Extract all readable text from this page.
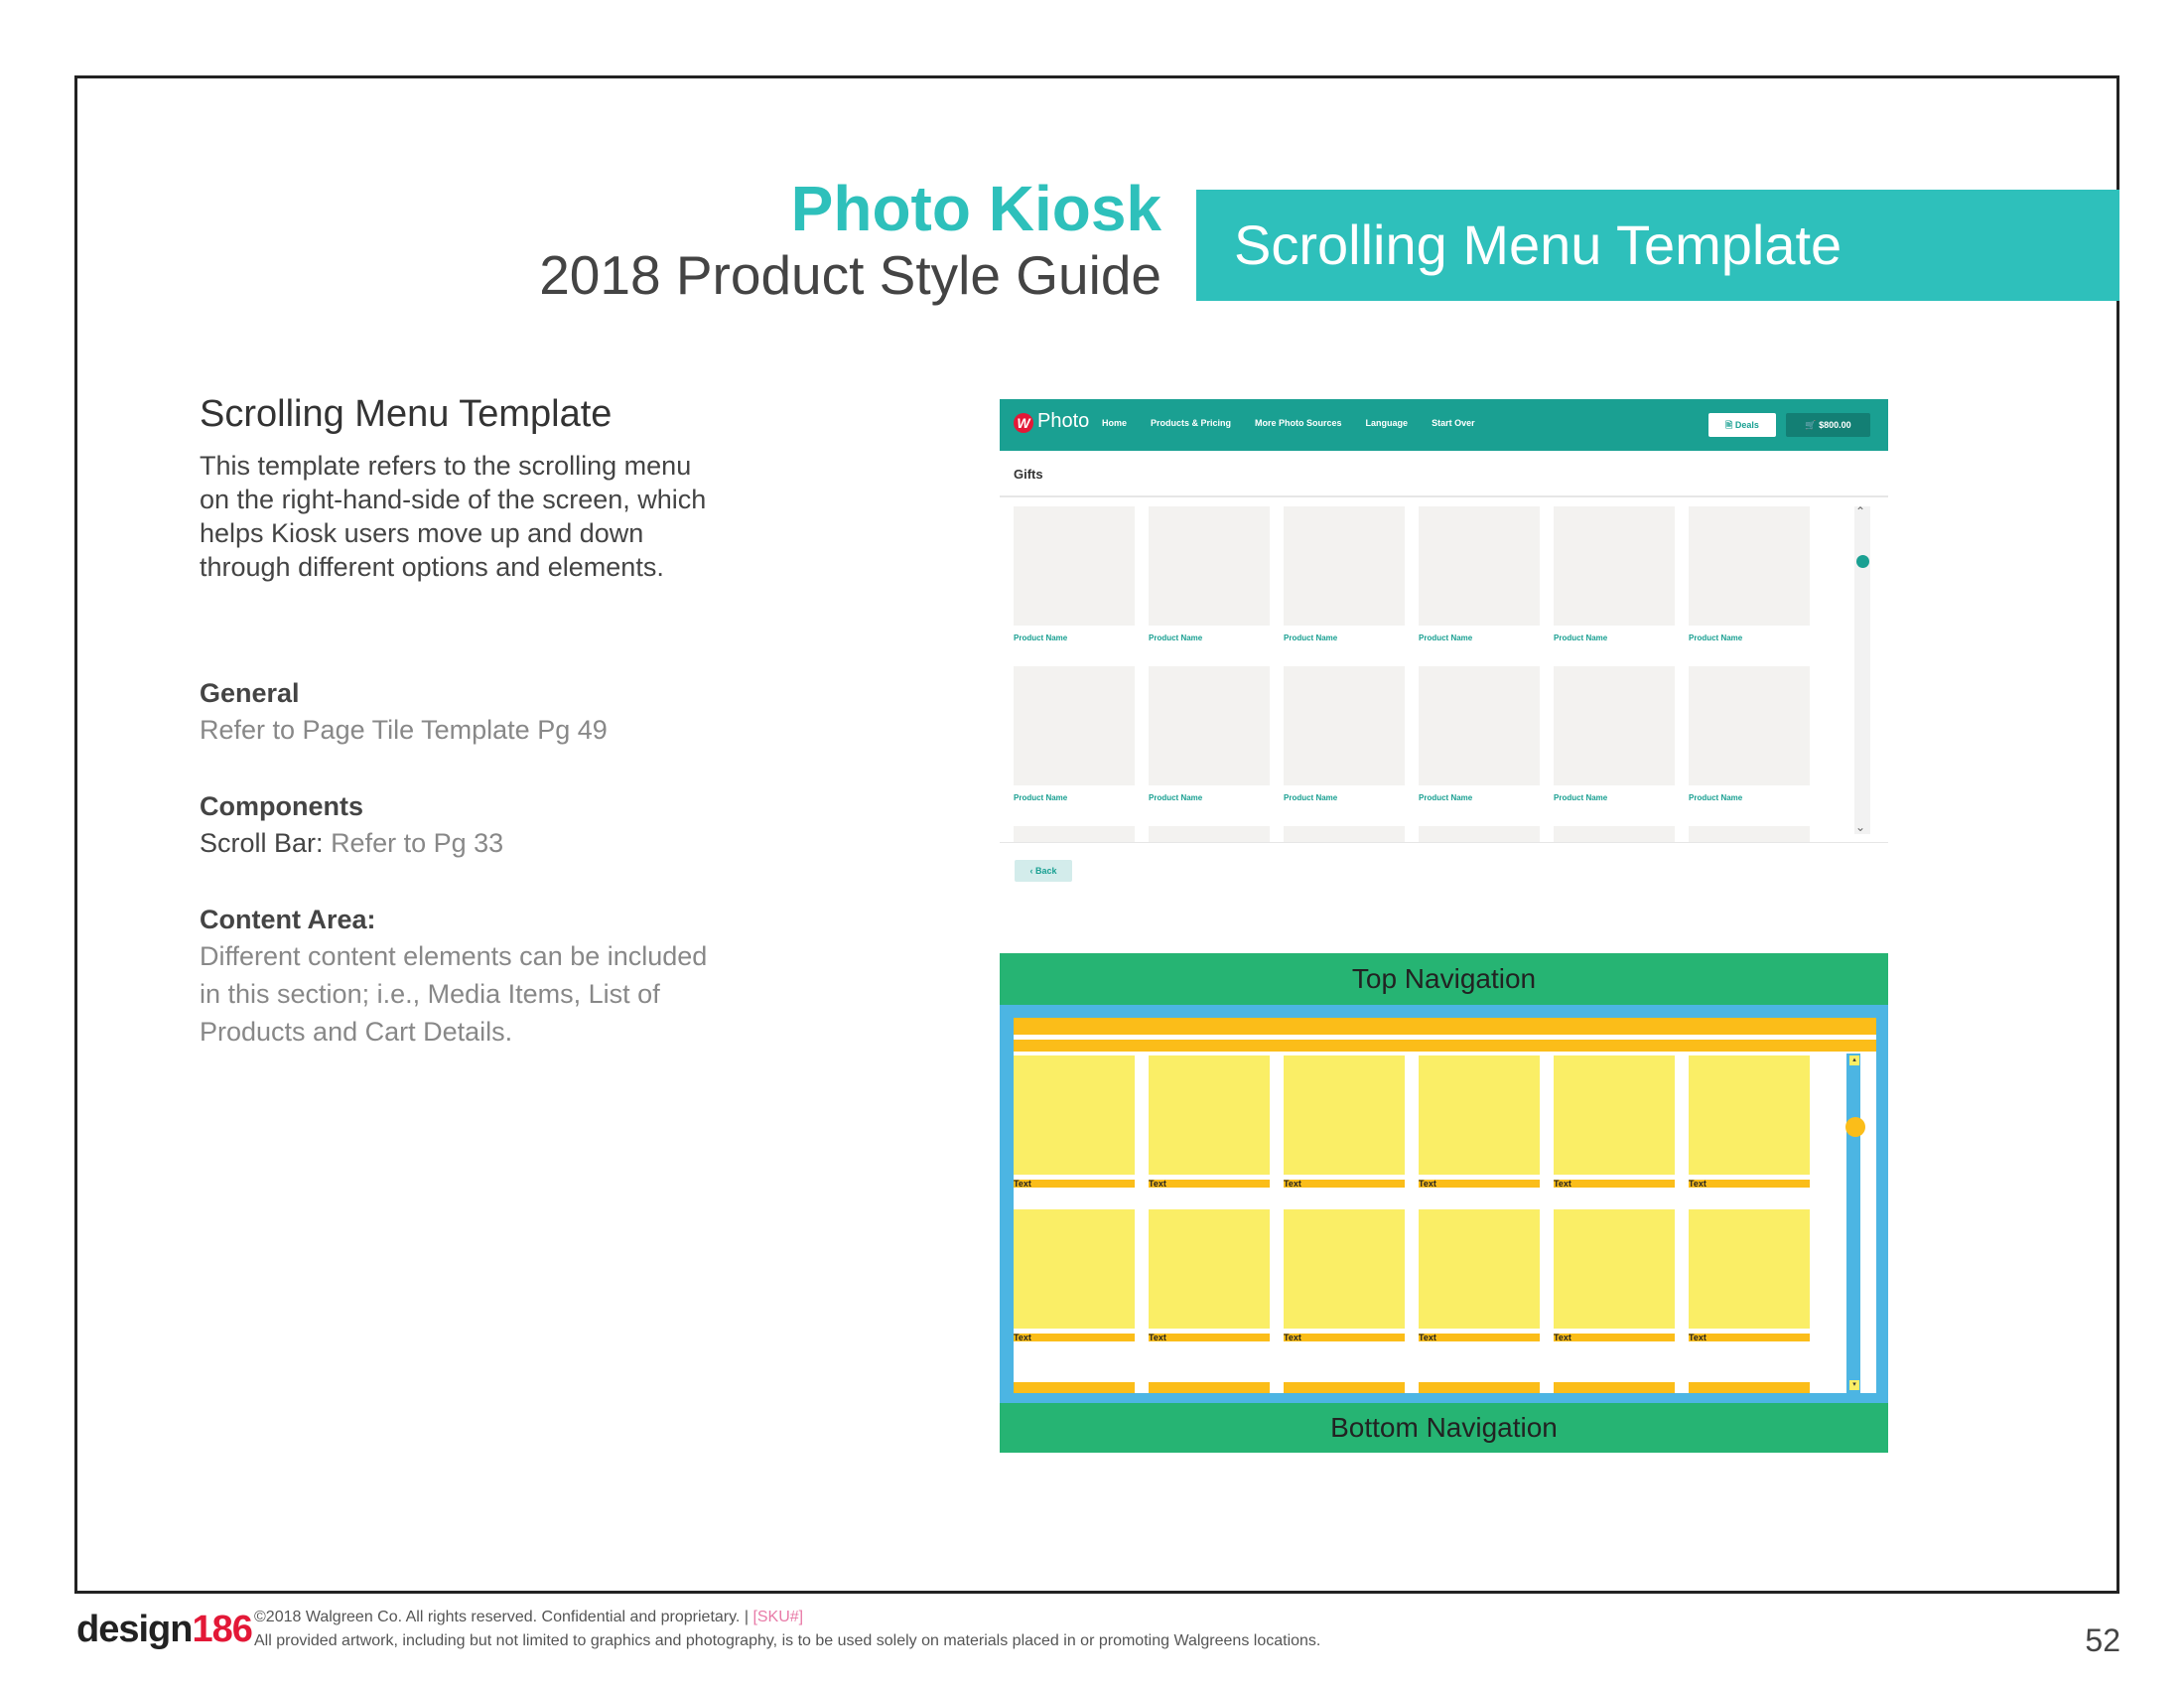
Photo Kiosk
2018 Product Style Guide	Scrolling Menu Template
Scrolling Menu Template
This template refers to the scrolling menu on the right-hand-side of the screen, which helps Kiosk users move up and down through different options and elements.
General
Refer to Page Tile Template Pg 49
Components
Scroll Bar: Refer to Pg 33
Content Area:
Different content elements can be included in this section; i.e., Media Items, List of Products and Cart Details.
W Photo Home	Products & Pricing	More Photo Sources	Language	Start Over	🖹 Deals	🛒 $800.00
Gifts
Product Name	Product Name	Product Name	Product Name	Product Name	Product Name
Product Name	Product Name	Product Name	Product Name	Product Name	Product Name
⌃
⌄
‹ Back
Top Navigation
Text	Text	Text	Text	Text	Text
Text	Text	Text	Text	Text	Text
▴
▾
Bottom Navigation
design186 ©2018 Walgreen Co. All rights reserved. Confidential and proprietary. | [SKU#]
All provided artwork, including but not limited to graphics and photography, is to be used solely on materials placed in or promoting Walgreens locations.	52
